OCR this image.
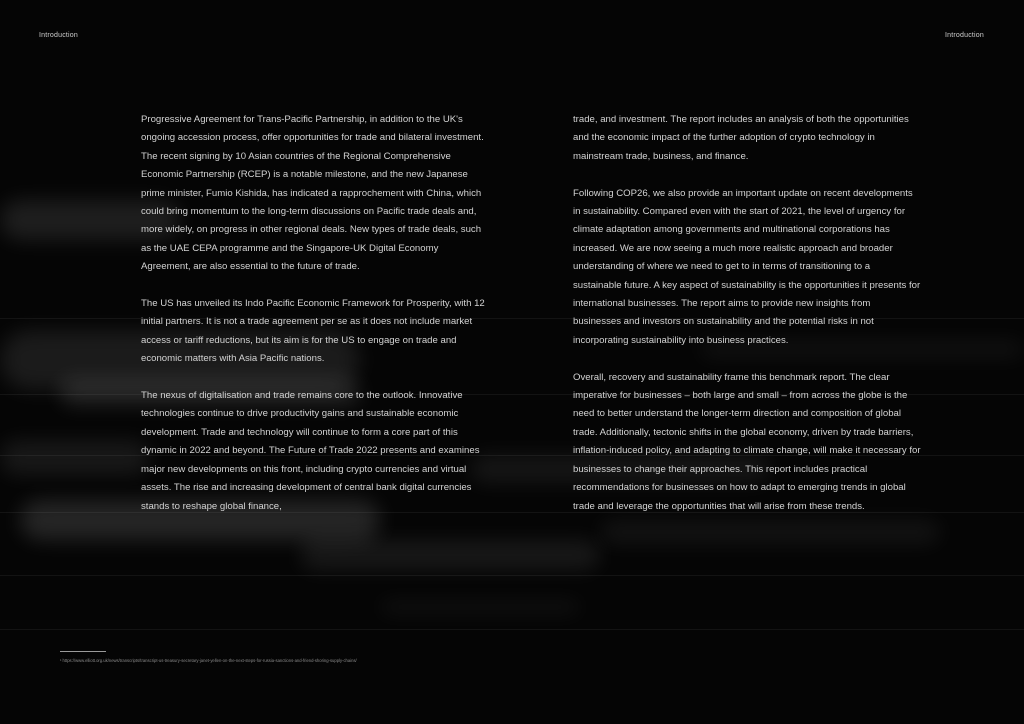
Introduction	Introduction

Progressive Agreement for Trans-Pacific Partnership, in addition to the UK's ongoing accession process, offer opportunities for trade and bilateral investment. The recent signing by 10 Asian countries of the Regional Comprehensive Economic Partnership (RCEP) is a notable milestone, and the new Japanese prime minister, Fumio Kishida, has indicated a rapprochement with China, which could bring momentum to the long-term discussions on Pacific trade deals and, more widely, on progress in other regional deals. New types of trade deals, such as the UAE CEPA programme and the Singapore-UK Digital Economy Agreement, are also essential to the future of trade.

The US has unveiled its Indo Pacific Economic Framework for Prosperity, with 12 initial partners. It is not a trade agreement per se as it does not include market access or tariff reductions, but its aim is for the US to engage on trade and economic matters with Asia Pacific nations.

The nexus of digitalisation and trade remains core to the outlook. Innovative technologies continue to drive productivity gains and sustainable economic development. Trade and technology will continue to form a core part of this dynamic in 2022 and beyond. The Future of Trade 2022 presents and examines major new developments on this front, including crypto currencies and virtual assets. The rise and increasing development of central bank digital currencies stands to reshape global finance,

trade, and investment. The report includes an analysis of both the opportunities and the economic impact of the further adoption of crypto technology in mainstream trade, business, and finance.

Following COP26, we also provide an important update on recent developments in sustainability. Compared even with the start of 2021, the level of urgency for climate adaptation among governments and multinational corporations has increased. We are now seeing a much more realistic approach and broader understanding of where we need to get to in terms of transitioning to a sustainable future. A key aspect of sustainability is the opportunities it presents for international businesses. The report aims to provide new insights from businesses and investors on sustainability and the potential risks in not incorporating sustainability into business practices.

Overall, recovery and sustainability frame this benchmark report. The clear imperative for businesses – both large and small – from across the globe is the need to better understand the longer-term direction and composition of global trade. Additionally, tectonic shifts in the global economy, driven by trade barriers, inflation-induced policy, and adapting to climate change, will make it necessary for businesses to change their approaches. This report includes practical recommendations for businesses on how to adapt to emerging trends in global trade and leverage the opportunities that will arise from these trends.

¹ https://www.elliott.org.uk/news/transcripts/transcript-us-treasury-secretary-janet-yellen-on-the-next-steps-for-russia-sanctions-and-friend-shoring-supply-chains/
